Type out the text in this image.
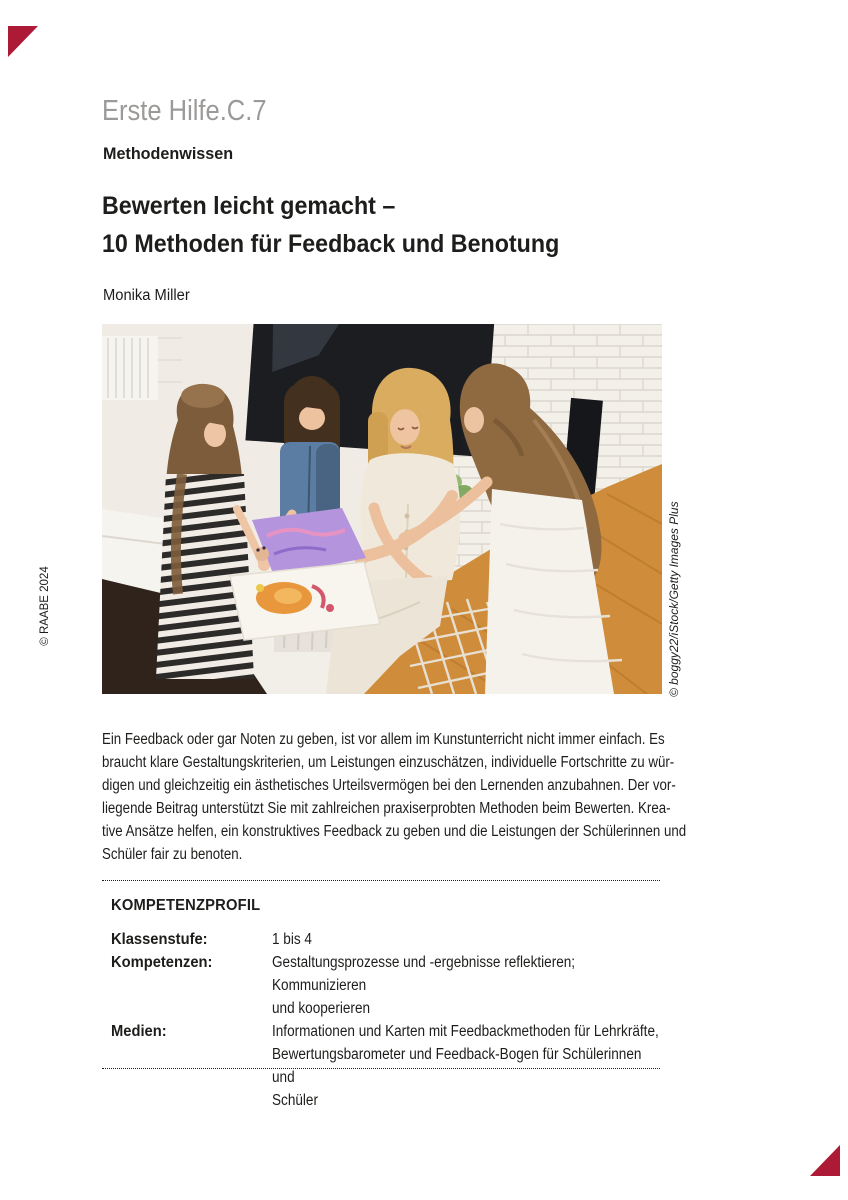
Erste Hilfe.C.7
Methodenwissen
Bewerten leicht gemacht –
10 Methoden für Feedback und Benotung
Monika Miller
© boggy22/iStock/Getty Images Plus
© RAABE 2024
Ein Feedback oder gar Noten zu geben, ist vor allem im Kunstunterricht nicht immer einfach. Es
braucht klare Gestaltungskriterien, um Leistungen einzuschätzen, individuelle Fortschritte zu wür-
digen und gleichzeitig ein ästhetisches Urteilsvermögen bei den Lernenden anzubahnen. Der vor-
liegende Beitrag unterstützt Sie mit zahlreichen praxiserprobten Methoden beim Bewerten. Krea-
tive Ansätze helfen, ein konstruktives Feedback zu geben und die Leistungen der Schülerinnen und
Schüler fair zu benoten.
KOMPETENZPROFIL
Klassenstufe:	1 bis 4
Kompetenzen:	Gestaltungsprozesse und -ergebnisse reflektieren; Kommunizieren
und kooperieren
Medien:	Informationen und Karten mit Feedbackmethoden für Lehrkräfte,
Bewertungsbarometer und Feedback-Bogen für Schülerinnen und
Schüler
